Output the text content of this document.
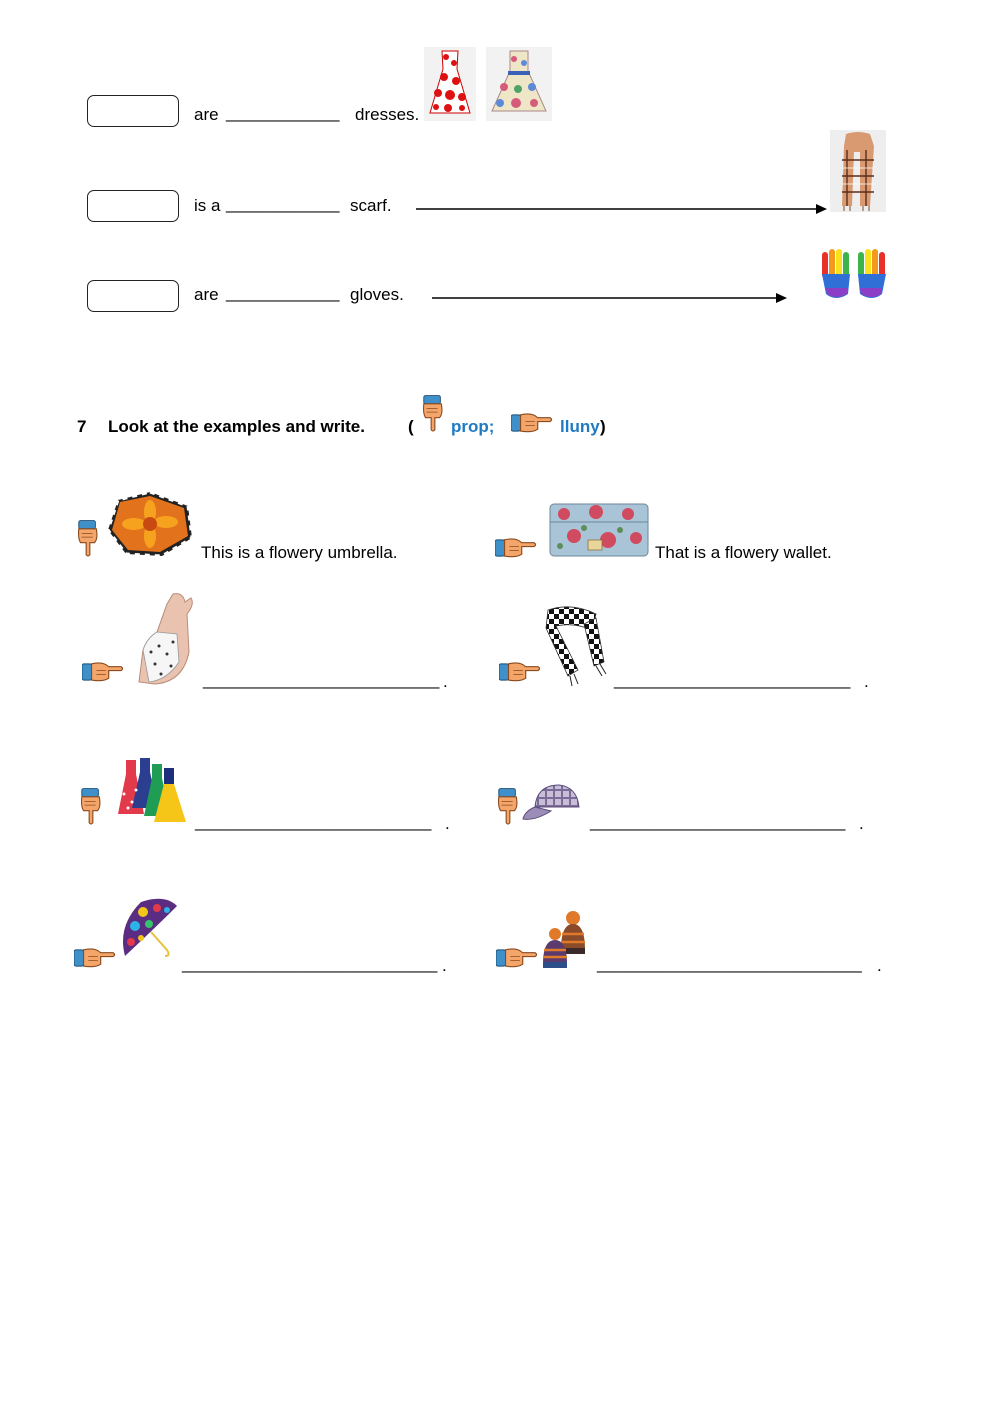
are ____________ dresses.
is a ____________ scarf.
are ____________ gloves.
7 Look at the examples and write.	( prop;	lluny )
This is a flowery umbrella.	That is a flowery wallet.
_________________________ .	_________________________ .
_________________________ .	___________________________ .
___________________________ .	____________________________ .
